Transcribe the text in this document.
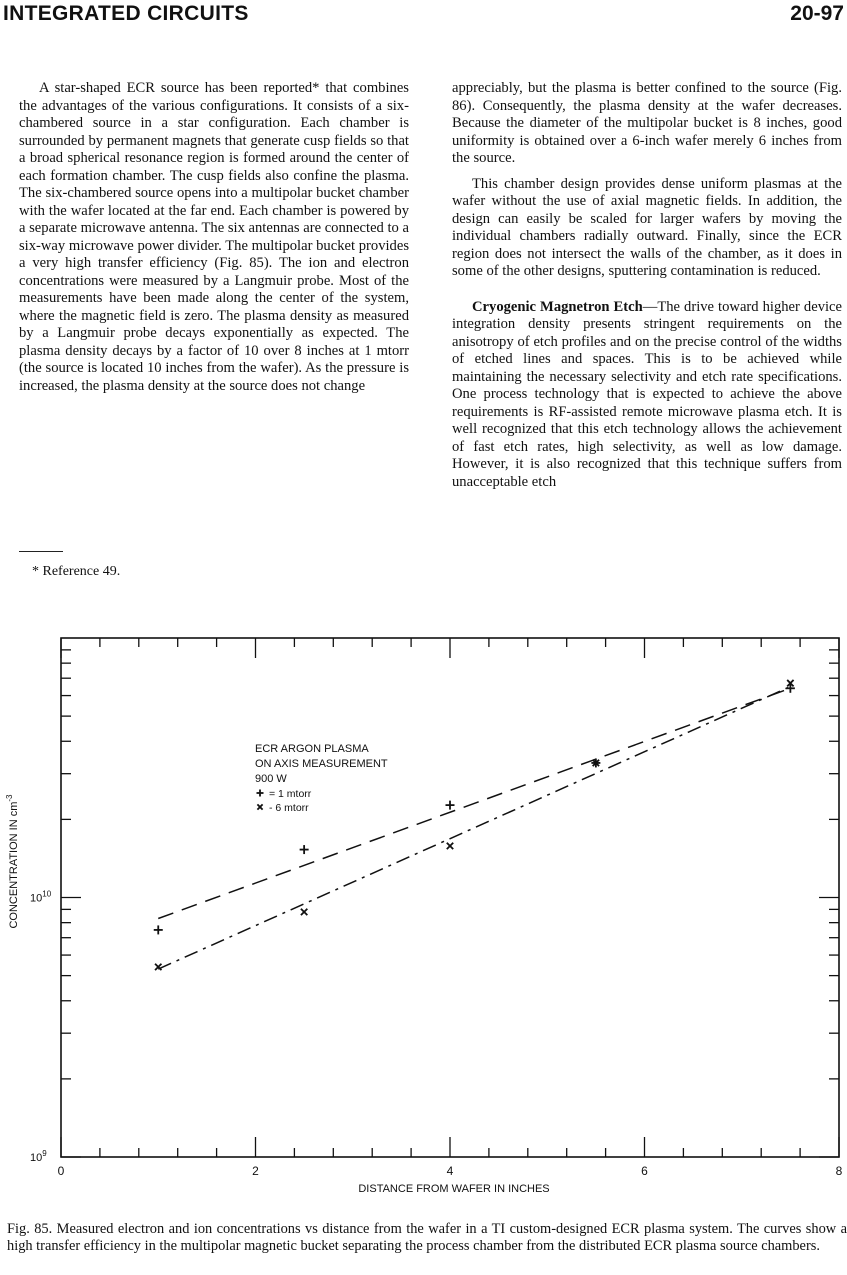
INTEGRATED CIRCUITS	20-97

A star-shaped ECR source has been reported* that combines the advantages of the various configurations. It consists of a six-chambered source in a star configuration. Each chamber is surrounded by permanent magnets that generate cusp fields so that a broad spherical resonance region is formed around the center of each formation chamber. The cusp fields also confine the plasma. The six-chambered source opens into a multipolar bucket chamber with the wafer located at the far end. Each chamber is powered by a separate microwave antenna. The six antennas are connected to a six-way microwave power divider. The multipolar bucket provides a very high transfer efficiency (Fig. 85). The ion and electron concentrations were measured by a Langmuir probe. Most of the measurements have been made along the center of the system, where the magnetic field is zero. The plasma density as measured by a Langmuir probe decays exponentially as expected. The plasma density decays by a factor of 10 over 8 inches at 1 mtorr (the source is located 10 inches from the wafer). As the pressure is increased, the plasma density at the source does not change

* Reference 49.

appreciably, but the plasma is better confined to the source (Fig. 86). Consequently, the plasma density at the wafer decreases. Because the diameter of the multipolar bucket is 8 inches, good uniformity is obtained over a 6-inch wafer merely 6 inches from the source.

This chamber design provides dense uniform plasmas at the wafer without the use of axial magnetic fields. In addition, the design can easily be scaled for larger wafers by moving the individual chambers radially outward. Finally, since the ECR region does not intersect the walls of the chamber, as it does in some of the other designs, sputtering contamination is reduced.

Cryogenic Magnetron Etch—The drive toward higher device integration density presents stringent requirements on the anisotropy of etch profiles and on the precise control of the widths of etched lines and spaces. This is to be achieved while maintaining the necessary selectivity and etch rate specifications. One process technology that is expected to achieve the above requirements is RF-assisted remote microwave plasma etch. It is well recognized that this etch technology allows the achievement of fast etch rates, high selectivity, as well as low damage. However, it is also recognized that this technique suffers from unacceptable etch

ECR ARGON PLASMA
ON AXIS MEASUREMENT
900 W
= 1 mtorr
- 6 mtorr
0	2	4	6	8
$10^{10}$
$10^9$
DISTANCE FROM WAFER IN INCHES
CONCENTRATION IN $cm^{-3}$
Fig. 85. Measured electron and ion concentrations vs distance from the wafer in a TI custom-designed ECR plasma system. The curves show a high transfer efficiency in the multipolar magnetic bucket separating the process chamber from the distributed ECR plasma source chambers.
